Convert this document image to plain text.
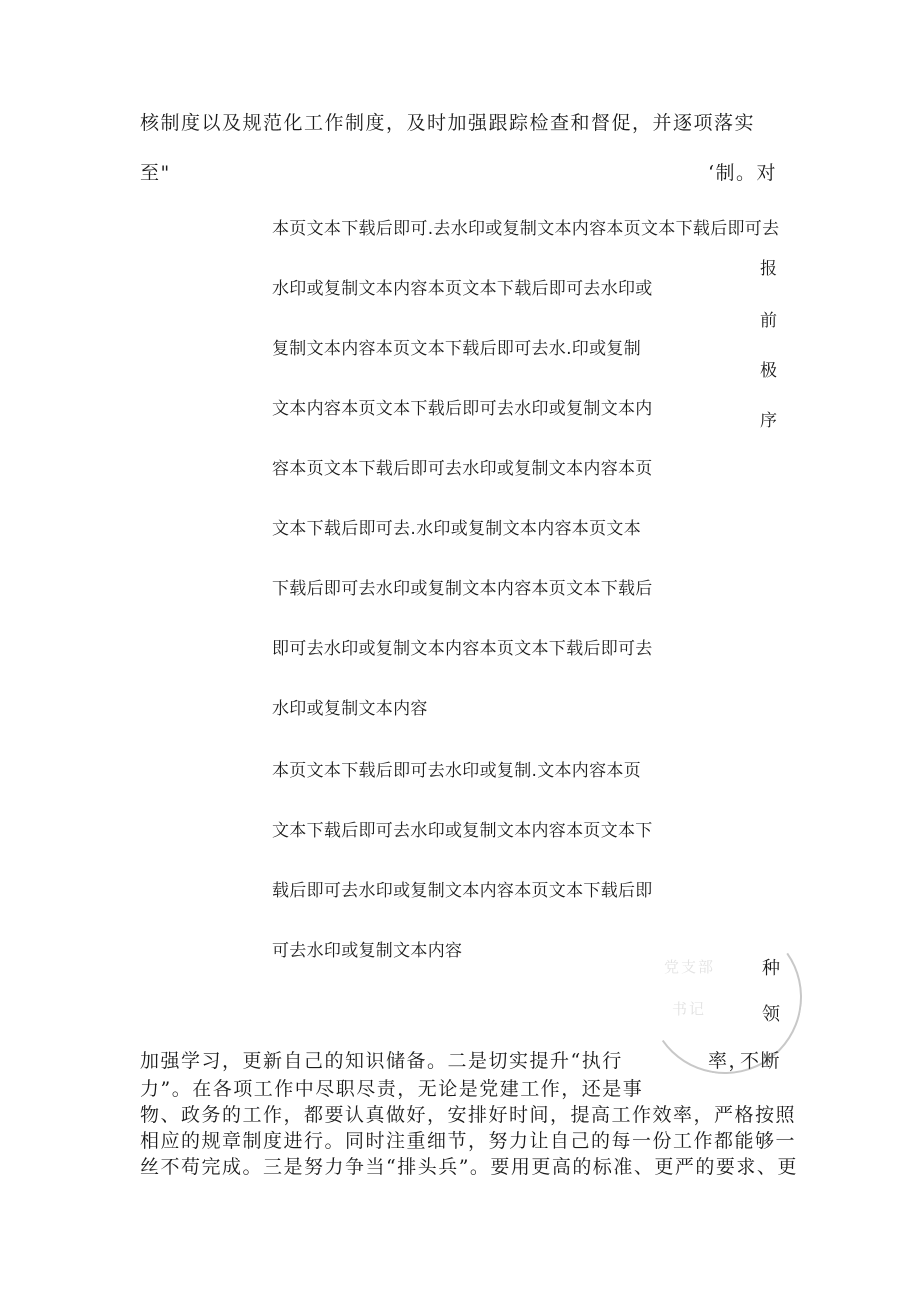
核制度以及规范化工作制度，及时加强跟踪检查和督促，并逐项落实
至"	‘制。对
本页文本下载后即可.去水印或复制文本内容本页文本下载后即可去
水印或复制文本内容本页文本下载后即可去水印或
复制文本内容本页文本下载后即可去水.印或复制
文本内容本页文本下载后即可去水印或复制文本内
容本页文本下载后即可去水印或复制文本内容本页
文本下载后即可去.水印或复制文本内容本页文本
下载后即可去水印或复制文本内容本页文本下载后
即可去水印或复制文本内容本页文本下载后即可去
水印或复制文本内容
本页文本下载后即可去水印或复制.文本内容本页
文本下载后即可去水印或复制文本内容本页文本下
载后即可去水印或复制文本内容本页文本下载后即
可去水印或复制文本内容
报
前
极
序
党支部
书记
种
领
加强学习，更新自己的知识储备。二是切实提升“执行	率，
不断
力”。在各项工作中尽职尽责，无论是党建工作，还是事
物、政务的工作，都要认真做好，安排好时间，提高工作效率，严格按照
相应的规章制度进行。同时注重细节，努力让自己的每一份工作都能够一
丝不苟完成。三是努力争当“排头兵”。要用更高的标准、更严的要求、更
